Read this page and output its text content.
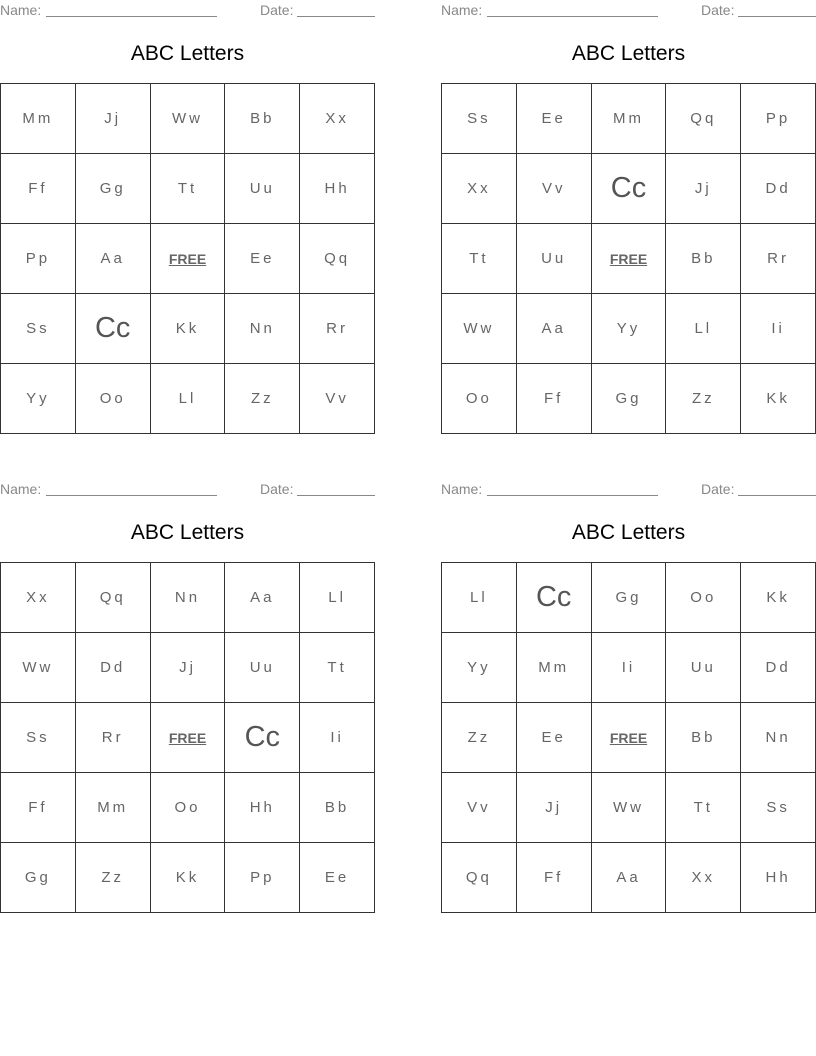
Name:	Date:
ABC Letters
Mm	Jj	Ww	Bb	Xx
Ff	Gg	Tt	Uu	Hh
Pp	Aa	FREE	Ee	Qq
Ss	Cc	Kk	Nn	Rr
Yy	Oo	Ll	Zz	Vv
Name:	Date:
ABC Letters
Ss	Ee	Mm	Qq	Pp
Xx	Vv	Cc	Jj	Dd
Tt	Uu	FREE	Bb	Rr
Ww	Aa	Yy	Ll	Ii
Oo	Ff	Gg	Zz	Kk
Name:	Date:
ABC Letters
Xx	Qq	Nn	Aa	Ll
Ww	Dd	Jj	Uu	Tt
Ss	Rr	FREE	Cc	Ii
Ff	Mm	Oo	Hh	Bb
Gg	Zz	Kk	Pp	Ee
Name:	Date:
ABC Letters
Ll	Cc	Gg	Oo	Kk
Yy	Mm	Ii	Uu	Dd
Zz	Ee	FREE	Bb	Nn
Vv	Jj	Ww	Tt	Ss
Qq	Ff	Aa	Xx	Hh
